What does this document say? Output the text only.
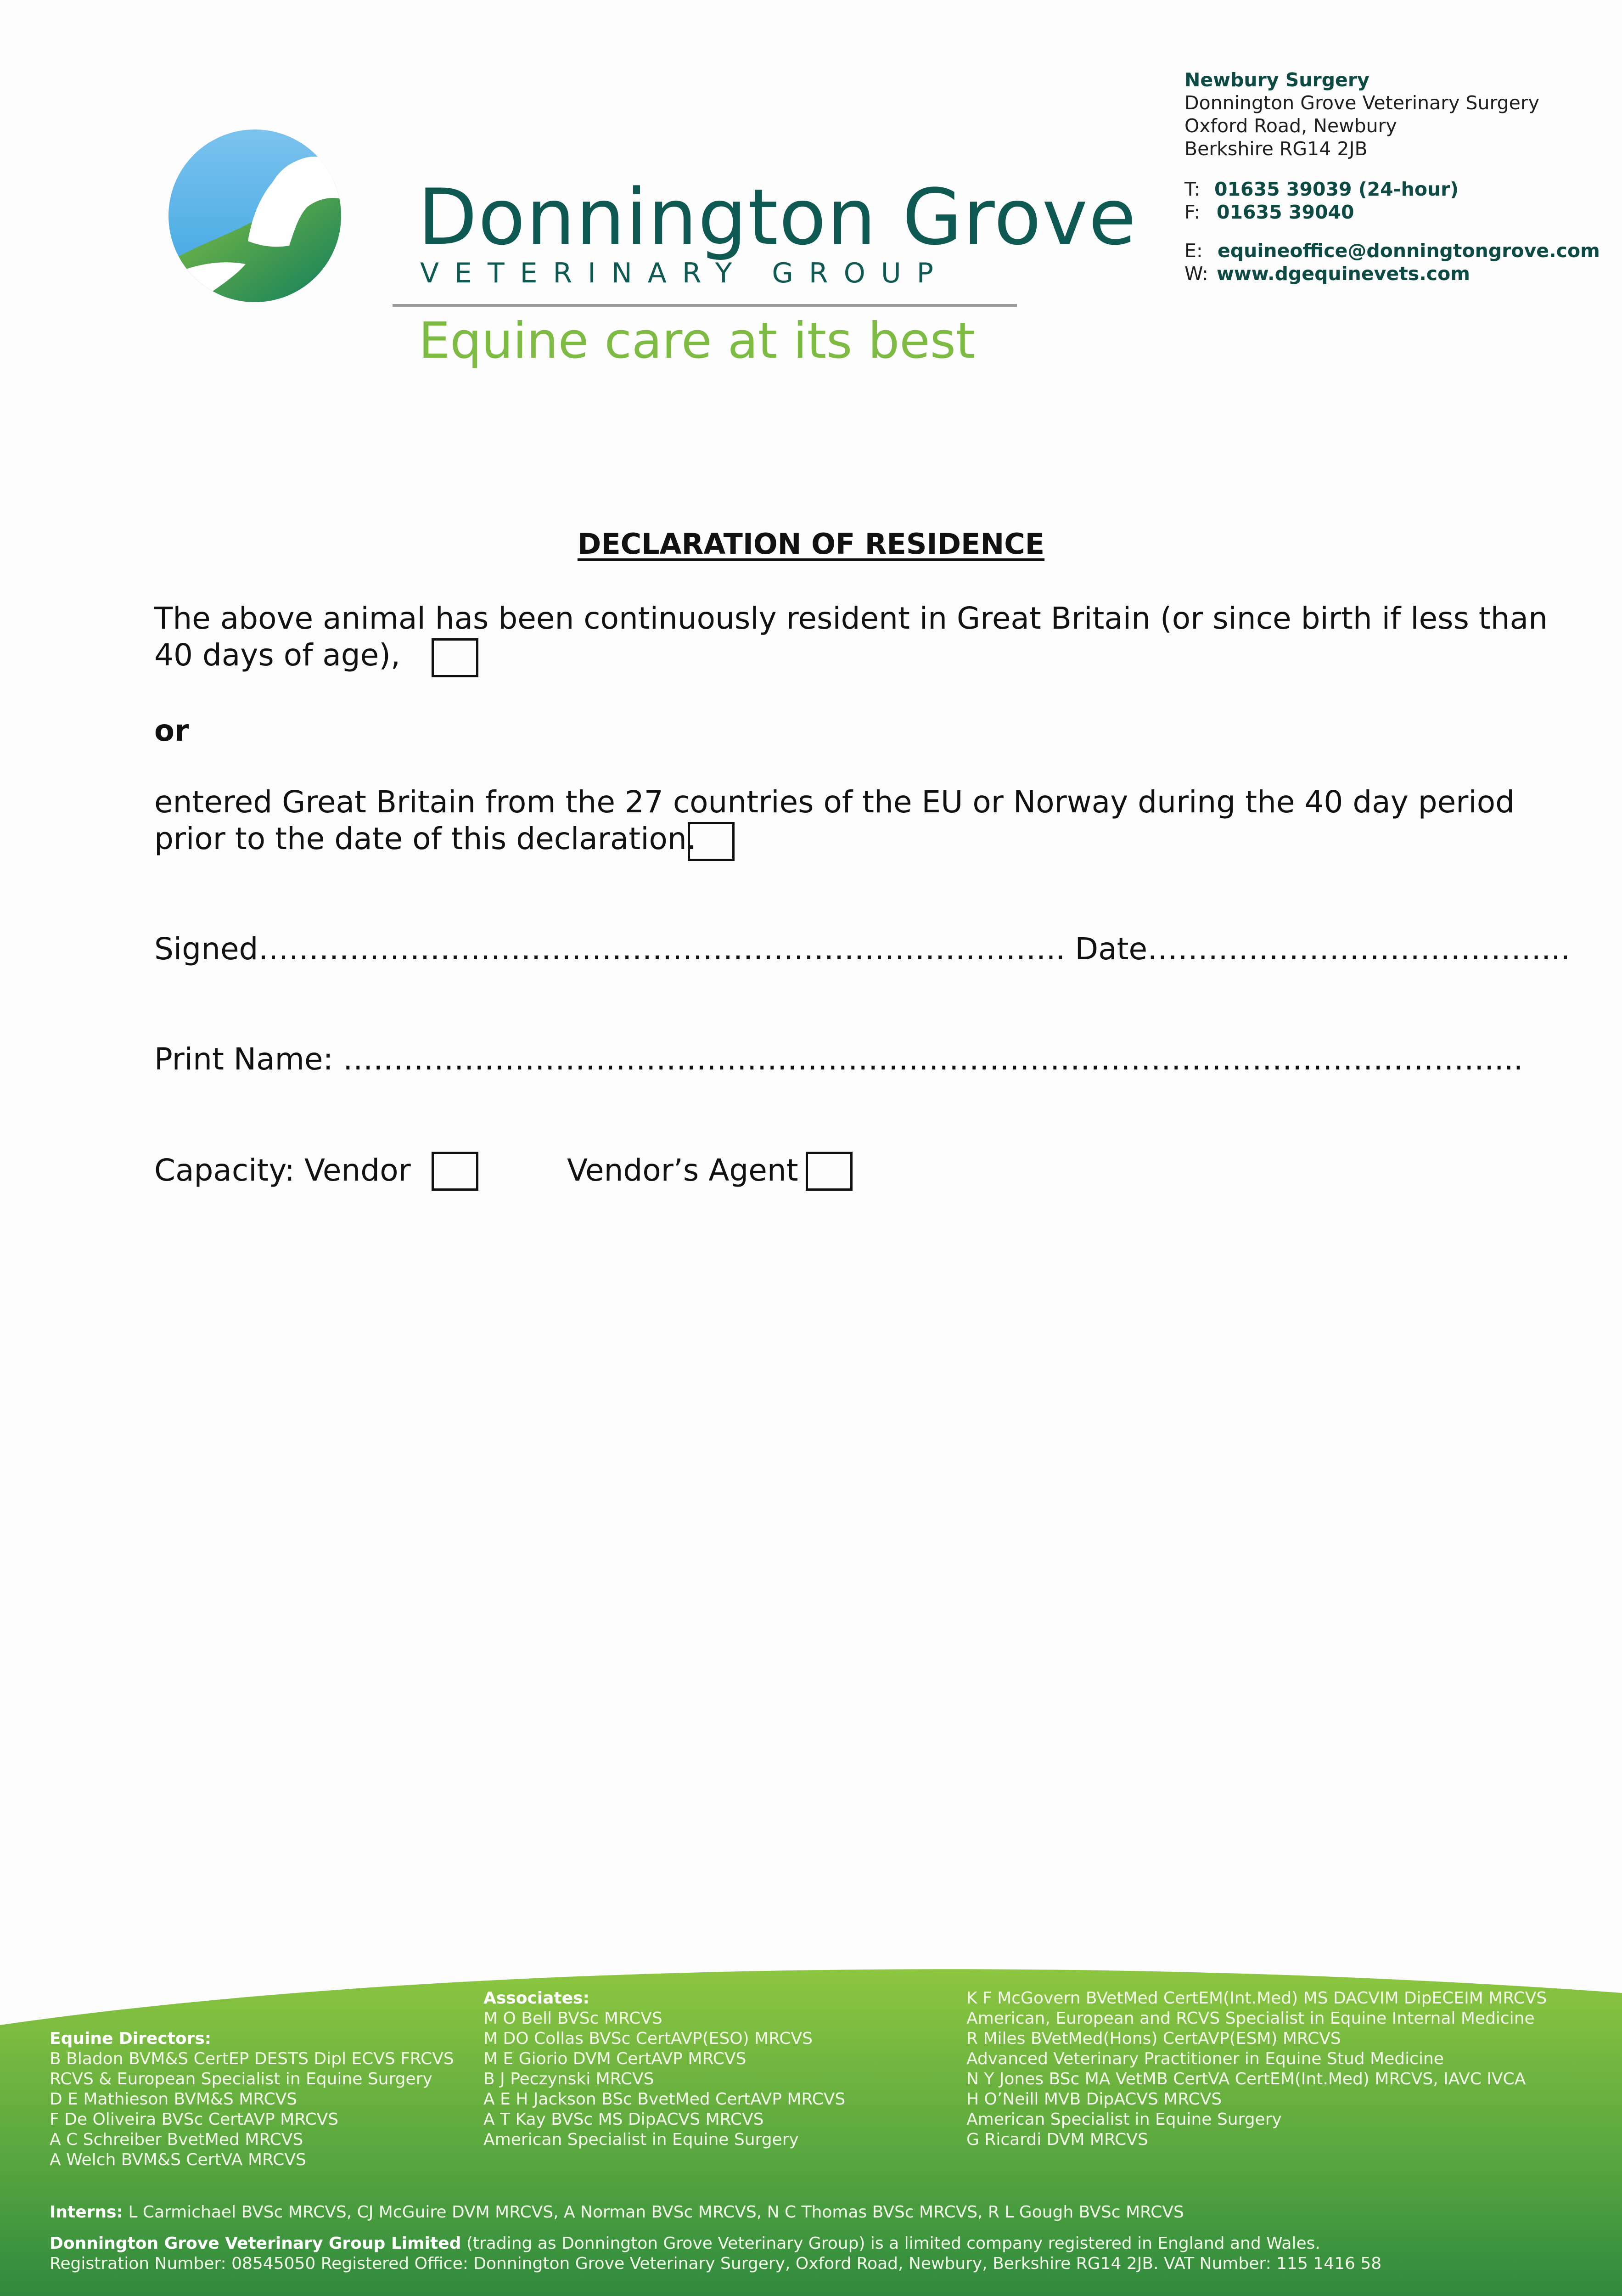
Donnington Grove
VETERINARY GROUP
Equine care at its best
Newbury Surgery
Donnington Grove Veterinary Surgery
Oxford Road, Newbury
Berkshire RG14 2JB
T: 01635 39039 (24-hour)
F: 01635 39040
E: equineoffice@donningtongrove.com
W: www.dgequinevets.com
DECLARATION OF RESIDENCE
The above animal has been continuously resident in Great Britain (or since birth if less than
40 days of age),
or
entered Great Britain from the 27 countries of the EU or Norway during the 40 day period
prior to the date of this declaration.
Signed…………………………………………………………………….. Date…………………………………...
Print Name: ……………………………………………………………………………………………………...
Capacity: Vendor	Vendor’s Agent
Equine Directors:
B Bladon BVM&S CertEP DESTS Dipl ECVS FRCVS
RCVS & European Specialist in Equine Surgery
D E Mathieson BVM&S MRCVS
F De Oliveira BVSc CertAVP MRCVS
A C Schreiber BvetMed MRCVS
A Welch BVM&S CertVA MRCVS
Associates:
M O Bell BVSc MRCVS
M DO Collas BVSc CertAVP(ESO) MRCVS
M E Giorio DVM CertAVP MRCVS
B J Peczynski MRCVS
A E H Jackson BSc BvetMed CertAVP MRCVS
A T Kay BVSc MS DipACVS MRCVS
American Specialist in Equine Surgery
K F McGovern BVetMed CertEM(Int.Med) MS DACVIM DipECEIM MRCVS
American, European and RCVS Specialist in Equine Internal Medicine
R Miles BVetMed(Hons) CertAVP(ESM) MRCVS
Advanced Veterinary Practitioner in Equine Stud Medicine
N Y Jones BSc MA VetMB CertVA CertEM(Int.Med) MRCVS, IAVC IVCA
H O’Neill MVB DipACVS MRCVS
American Specialist in Equine Surgery
G Ricardi DVM MRCVS
Interns: L Carmichael BVSc MRCVS, CJ McGuire DVM MRCVS, A Norman BVSc MRCVS, N C Thomas BVSc MRCVS, R L Gough BVSc MRCVS
Donnington Grove Veterinary Group Limited (trading as Donnington Grove Veterinary Group) is a limited company registered in England and Wales.
Registration Number: 08545050 Registered Office: Donnington Grove Veterinary Surgery, Oxford Road, Newbury, Berkshire RG14 2JB. VAT Number: 115 1416 58
